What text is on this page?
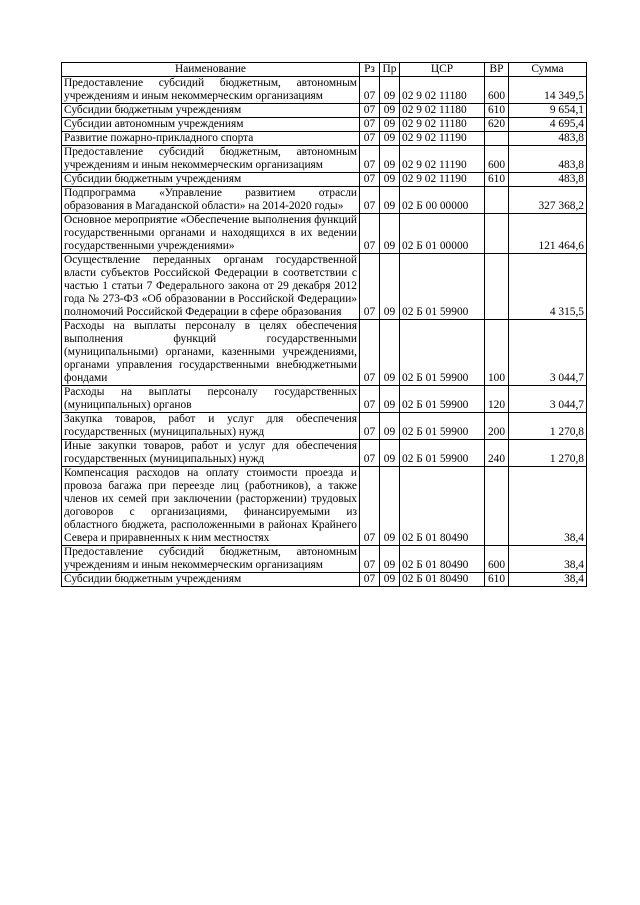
Наименование	Рз	Пр	ЦСР	ВР	Сумма
Предоставление субсидий бюджетным, автономным учреждениям и иным некоммерческим организациям	07	09	02 9 02 11180	600	14 349,5
Субсидии бюджетным учреждениям	07	09	02 9 02 11180	610	9 654,1
Субсидии автономным учреждениям	07	09	02 9 02 11180	620	4 695,4
Развитие пожарно-прикладного спорта	07	09	02 9 02 11190		483,8
Предоставление субсидий бюджетным, автономным учреждениям и иным некоммерческим организациям	07	09	02 9 02 11190	600	483,8
Субсидии бюджетным учреждениям	07	09	02 9 02 11190	610	483,8
Подпрограмма «Управление развитием отрасли образования в Магаданской области» на 2014-2020 годы»	07	09	02 Б 00 00000		327 368,2
Основное мероприятие «Обеспечение выполнения функций государственными органами и находящихся в их ведении государственными учреждениями»	07	09	02 Б 01 00000		121 464,6
Осуществление переданных органам государственной власти субъектов Российской Федерации в соответствии с частью 1 статьи 7 Федерального закона от 29 декабря 2012 года № 273-ФЗ «Об образовании в Российской Федерации» полномочий Российской Федерации в сфере образования	07	09	02 Б 01 59900		4 315,5
Расходы на выплаты персоналу в целях обеспечения выполнения функций государственными (муниципальными) органами, казенными учреждениями, органами управления государственными внебюджетными фондами	07	09	02 Б 01 59900	100	3 044,7
Расходы на выплаты персоналу государственных (муниципальных) органов	07	09	02 Б 01 59900	120	3 044,7
Закупка товаров, работ и услуг для обеспечения государственных (муниципальных) нужд	07	09	02 Б 01 59900	200	1 270,8
Иные закупки товаров, работ и услуг для обеспечения государственных (муниципальных) нужд	07	09	02 Б 01 59900	240	1 270,8
Компенсация расходов на оплату стоимости проезда и провоза багажа при переезде лиц (работников), а также членов их семей при заключении (расторжении) трудовых договоров с организациями, финансируемыми из областного бюджета, расположенными в районах Крайнего Севера и приравненных к ним местностях	07	09	02 Б 01 80490		38,4
Предоставление субсидий бюджетным, автономным учреждениям и иным некоммерческим организациям	07	09	02 Б 01 80490	600	38,4
Субсидии бюджетным учреждениям	07	09	02 Б 01 80490	610	38,4
